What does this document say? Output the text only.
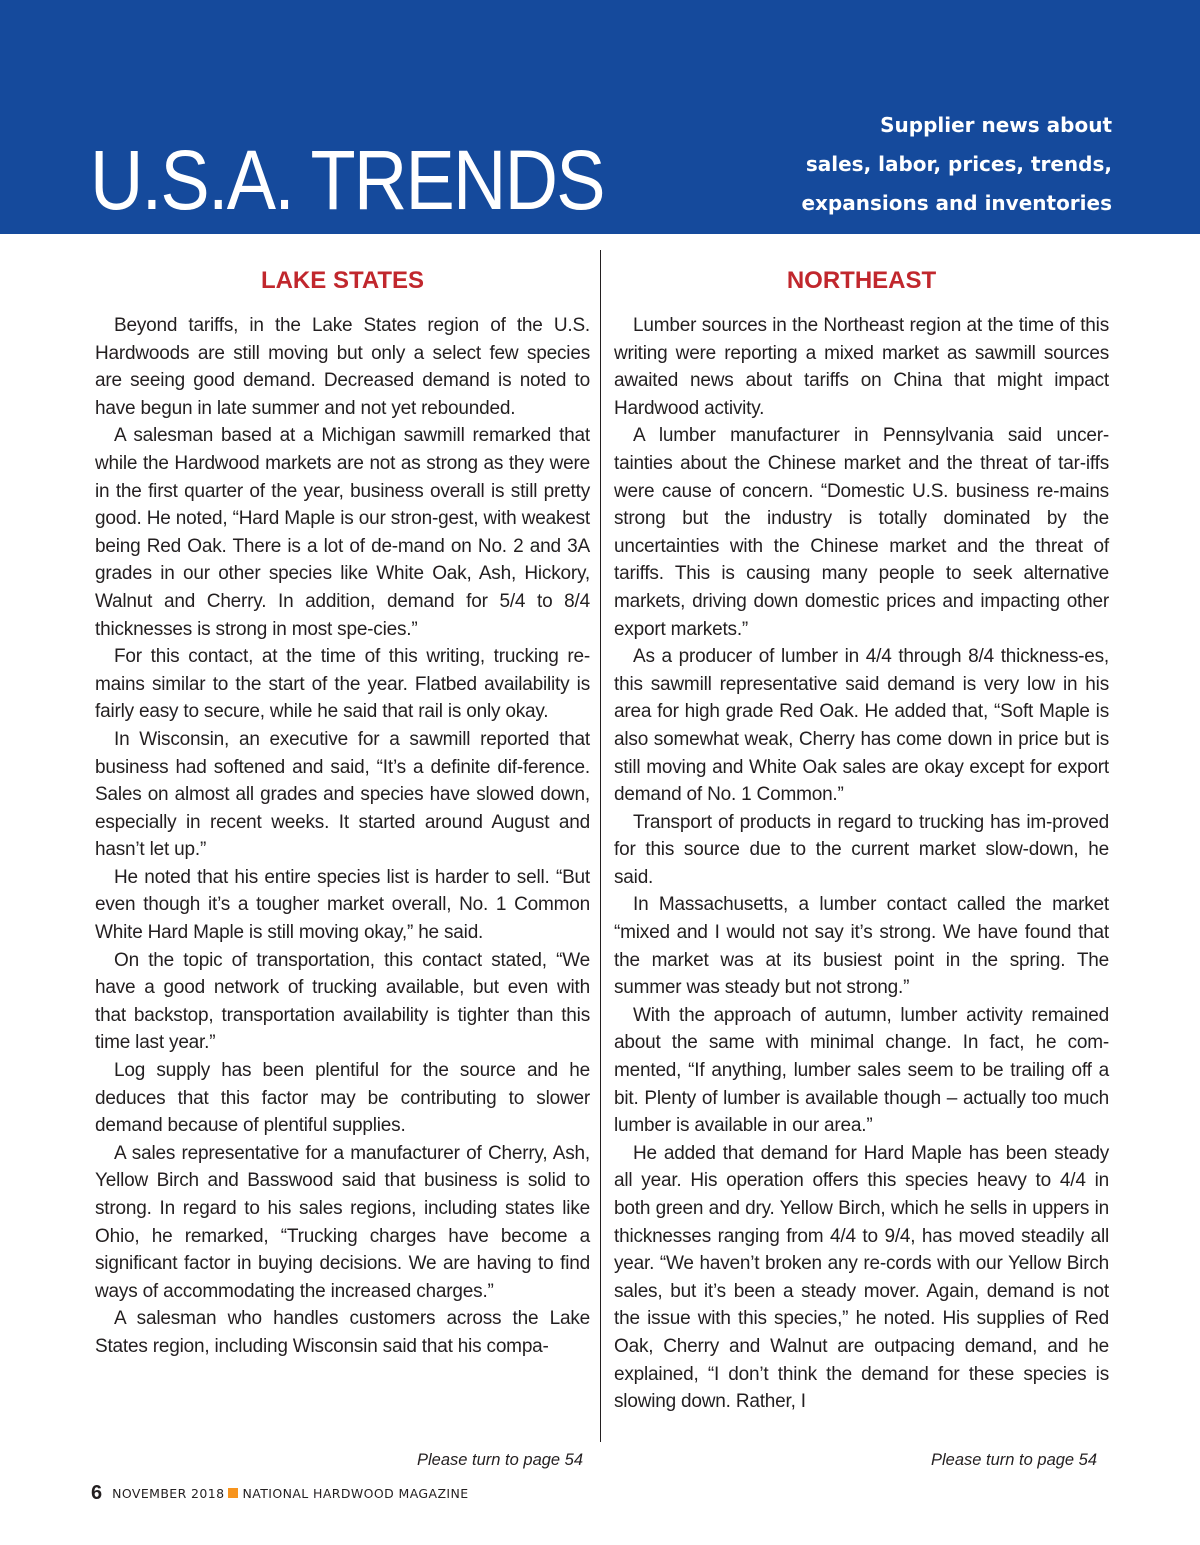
U.S.A. TRENDS
Supplier news about
sales, labor, prices, trends,
expansions and inventories
LAKE STATES

Beyond tariffs, in the Lake States region of the U.S. Hardwoods are still moving but only a select few species are seeing good demand. Decreased demand is noted to have begun in late summer and not yet rebounded.

A salesman based at a Michigan sawmill remarked that while the Hardwood markets are not as strong as they were in the first quarter of the year, business overall is still pretty good. He noted, “Hard Maple is our stron-gest, with weakest being Red Oak. There is a lot of de-mand on No. 2 and 3A grades in our other species like White Oak, Ash, Hickory, Walnut and Cherry. In addition, demand for 5/4 to 8/4 thicknesses is strong in most spe-cies.”

For this contact, at the time of this writing, trucking re-mains similar to the start of the year. Flatbed availability is fairly easy to secure, while he said that rail is only okay.

In Wisconsin, an executive for a sawmill reported that business had softened and said, “It’s a definite dif-ference. Sales on almost all grades and species have slowed down, especially in recent weeks. It started around August and hasn’t let up.”

He noted that his entire species list is harder to sell. “But even though it’s a tougher market overall, No. 1 Common White Hard Maple is still moving okay,” he said.

On the topic of transportation, this contact stated, “We have a good network of trucking available, but even with that backstop, transportation availability is tighter than this time last year.”

Log supply has been plentiful for the source and he deduces that this factor may be contributing to slower demand because of plentiful supplies.

A sales representative for a manufacturer of Cherry, Ash, Yellow Birch and Basswood said that business is solid to strong. In regard to his sales regions, including states like Ohio, he remarked, “Trucking charges have become a significant factor in buying decisions. We are having to find ways of accommodating the increased charges.”

A salesman who handles customers across the Lake States region, including Wisconsin said that his compa-

NORTHEAST

Lumber sources in the Northeast region at the time of this writing were reporting a mixed market as sawmill sources awaited news about tariffs on China that might impact Hardwood activity.

A lumber manufacturer in Pennsylvania said uncer-tainties about the Chinese market and the threat of tar-iffs were cause of concern. “Domestic U.S. business re-mains strong but the industry is totally dominated by the uncertainties with the Chinese market and the threat of tariffs. This is causing many people to seek alternative markets, driving down domestic prices and impacting other export markets.”

As a producer of lumber in 4/4 through 8/4 thickness-es, this sawmill representative said demand is very low in his area for high grade Red Oak. He added that, “Soft Maple is also somewhat weak, Cherry has come down in price but is still moving and White Oak sales are okay except for export demand of No. 1 Common.”

Transport of products in regard to trucking has im-proved for this source due to the current market slow-down, he said.

In Massachusetts, a lumber contact called the market “mixed and I would not say it’s strong. We have found that the market was at its busiest point in the spring. The summer was steady but not strong.”

With the approach of autumn, lumber activity remained about the same with minimal change. In fact, he com-mented, “If anything, lumber sales seem to be trailing off a bit. Plenty of lumber is available though – actually too much lumber is available in our area.”

He added that demand for Hard Maple has been steady all year. His operation offers this species heavy to 4/4 in both green and dry. Yellow Birch, which he sells in uppers in thicknesses ranging from 4/4 to 9/4, has moved steadily all year. “We haven’t broken any re-cords with our Yellow Birch sales, but it’s been a steady mover. Again, demand is not the issue with this species,” he noted. His supplies of Red Oak, Cherry and Walnut are outpacing demand, and he explained, “I don’t think the demand for these species is slowing down. Rather, I

Please turn to page 54	Please turn to page 54
6 NOVEMBER 2018 NATIONAL HARDWOOD MAGAZINE
